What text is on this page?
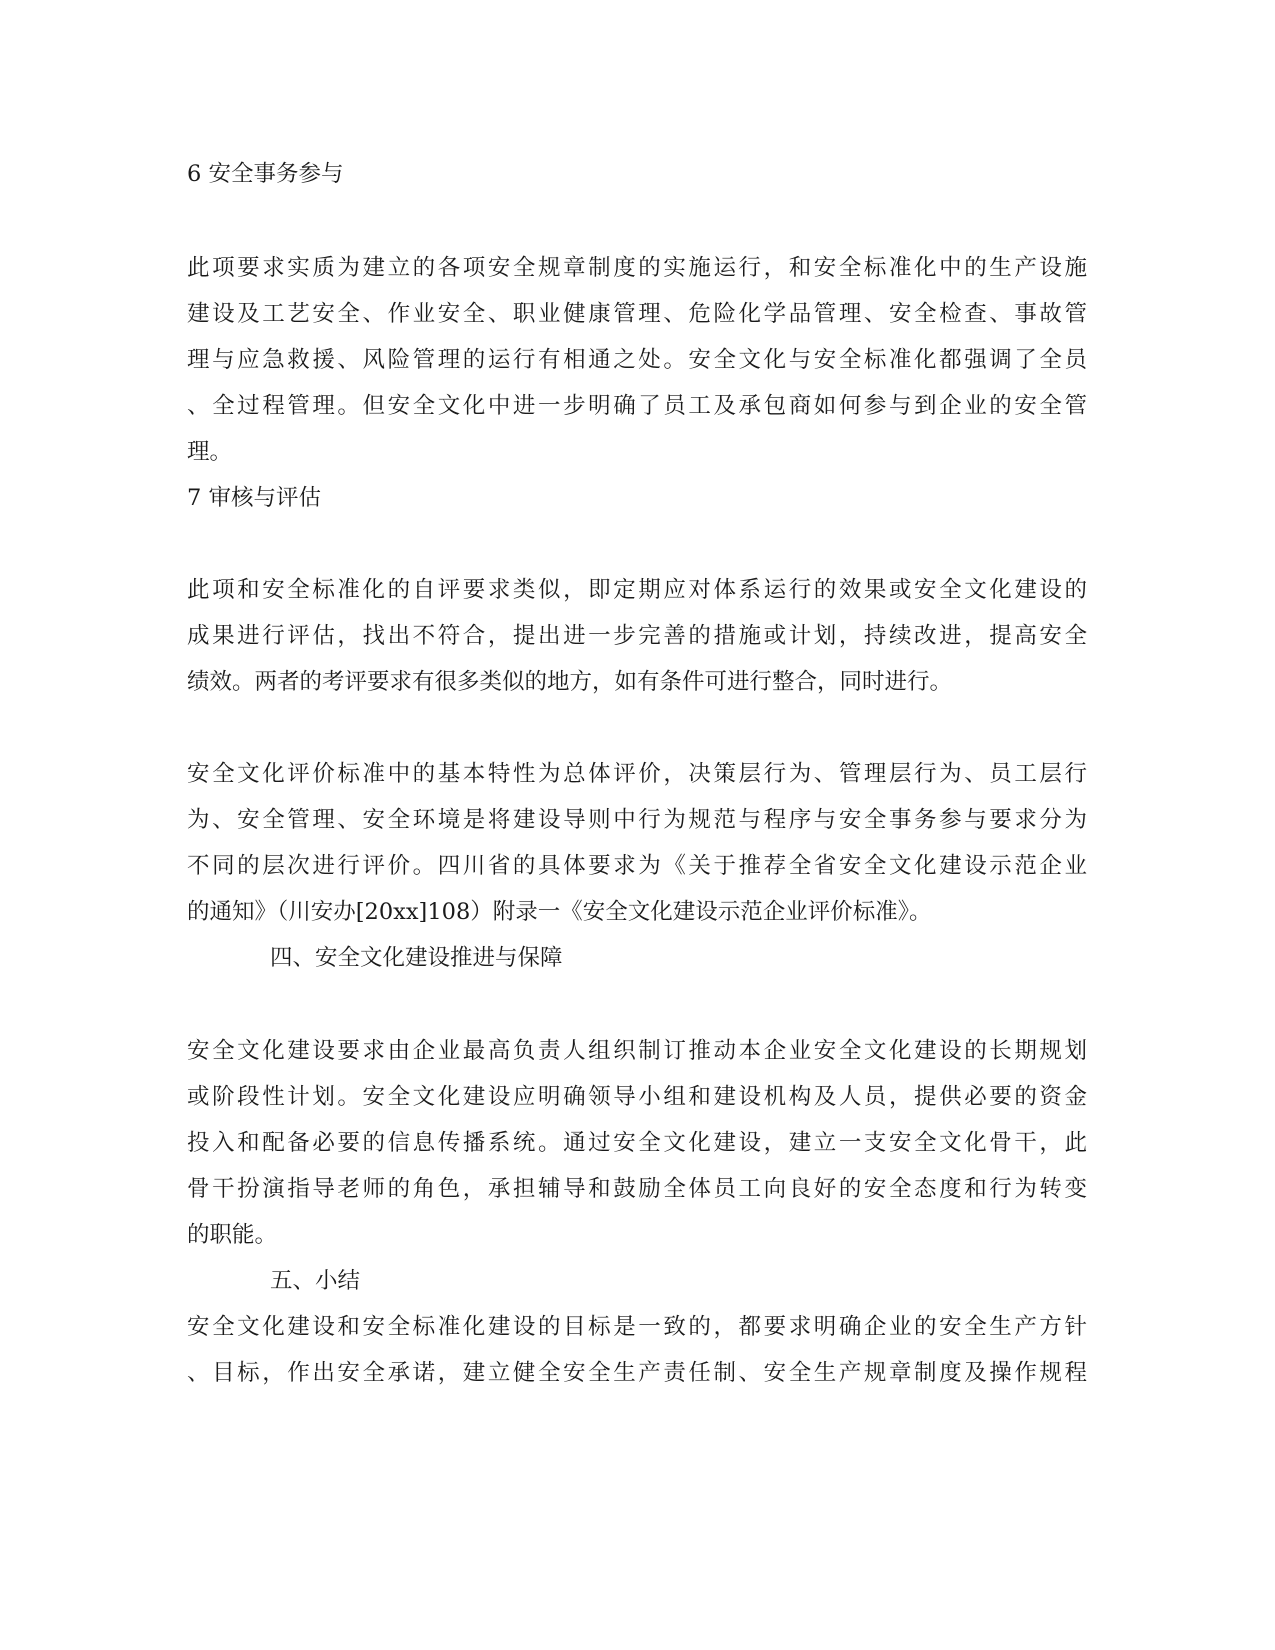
6 安全事务参与
此项要求实质为建立的各项安全规章制度的实施运行，和安全标准化中的生产设施
建设及工艺安全、作业安全、职业健康管理、危险化学品管理、安全检查、事故管
理与应急救援、风险管理的运行有相通之处。安全文化与安全标准化都强调了全员
、全过程管理。但安全文化中进一步明确了员工及承包商如何参与到企业的安全管
理。
7 审核与评估
此项和安全标准化的自评要求类似，即定期应对体系运行的效果或安全文化建设的
成果进行评估，找出不符合，提出进一步完善的措施或计划，持续改进，提高安全
绩效。两者的考评要求有很多类似的地方，如有条件可进行整合，同时进行。
安全文化评价标准中的基本特性为总体评价，决策层行为、管理层行为、员工层行
为、安全管理、安全环境是将建设导则中行为规范与程序与安全事务参与要求分为
不同的层次进行评价。四川省的具体要求为《关于推荐全省安全文化建设示范企业
的通知》（川安办[20xx]108）附录一《安全文化建设示范企业评价标准》。
四、安全文化建设推进与保障
安全文化建设要求由企业最高负责人组织制订推动本企业安全文化建设的长期规划
或阶段性计划。安全文化建设应明确领导小组和建设机构及人员，提供必要的资金
投入和配备必要的信息传播系统。通过安全文化建设，建立一支安全文化骨干，此
骨干扮演指导老师的角色，承担辅导和鼓励全体员工向良好的安全态度和行为转变
的职能。
五、小结
安全文化建设和安全标准化建设的目标是一致的，都要求明确企业的安全生产方针
、目标，作出安全承诺，建立健全安全生产责任制、安全生产规章制度及操作规程
